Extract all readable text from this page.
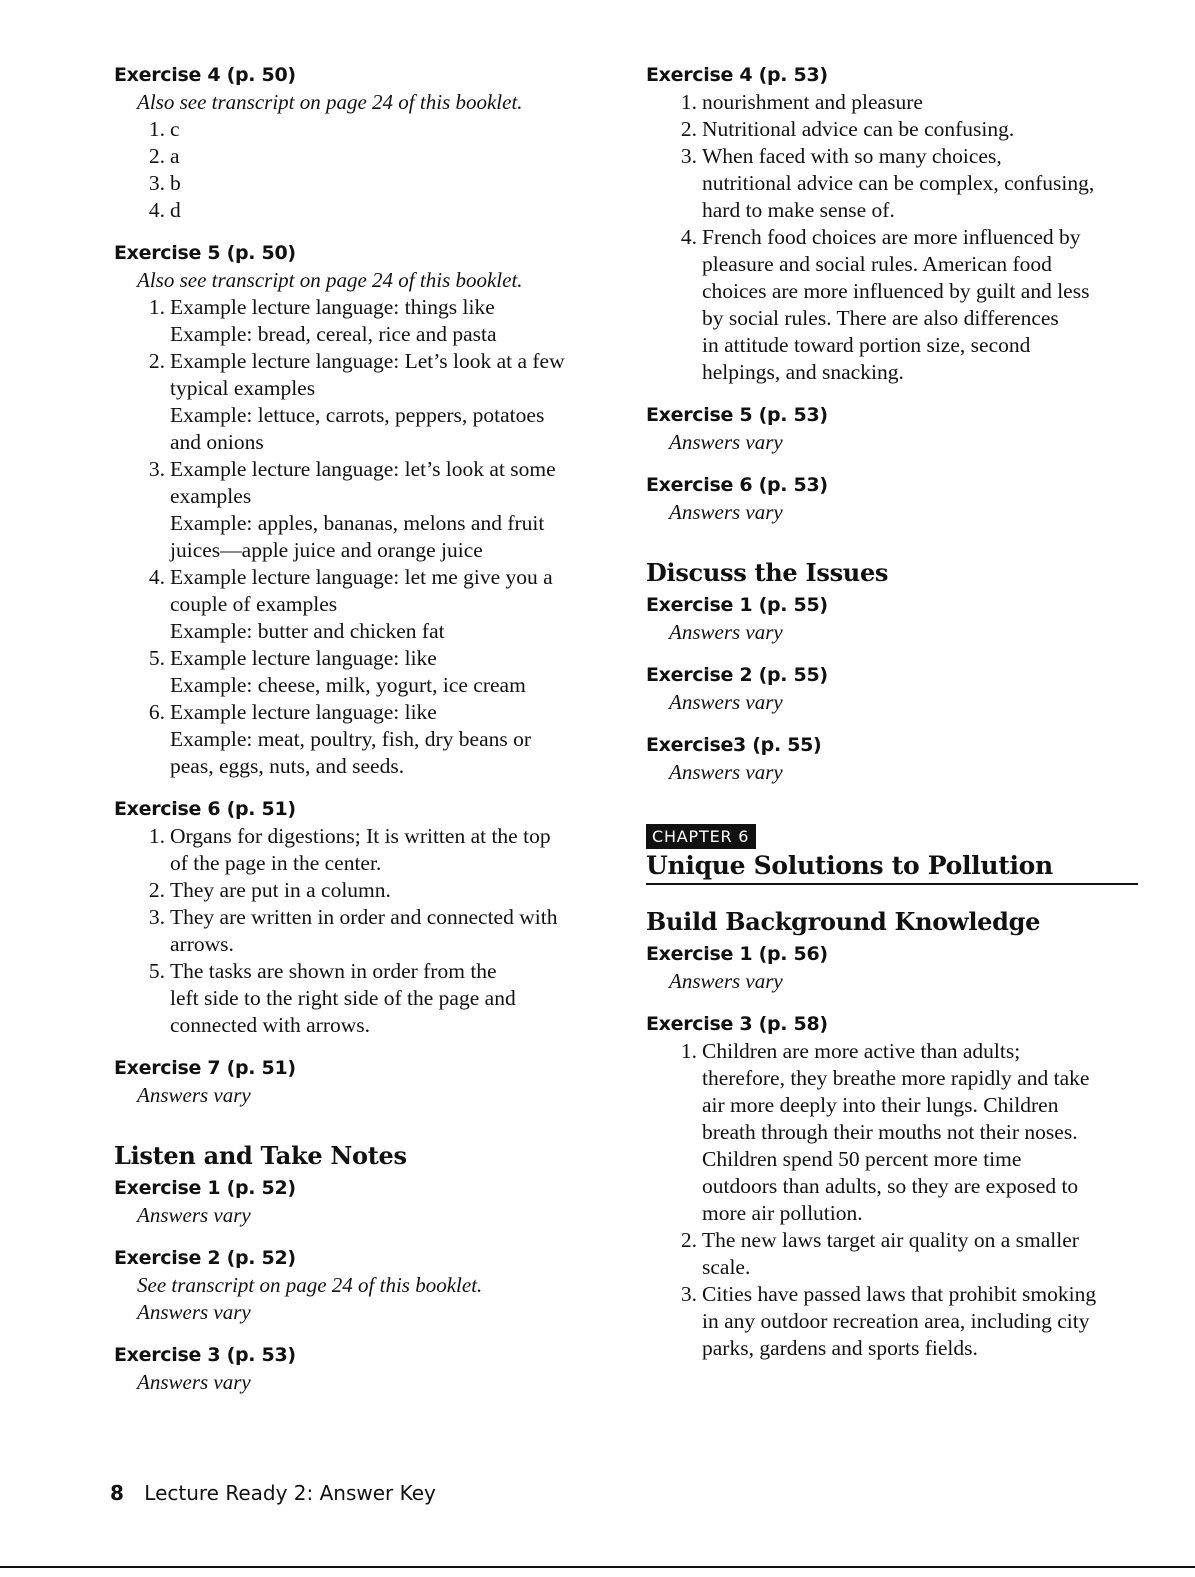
Exercise 4 (p. 50)
Also see transcript on page 24 of this booklet.
1. c
2. a
3. b
4. d
Exercise 5 (p. 50)
Also see transcript on page 24 of this booklet.
1. Example lecture language: things like
Example: bread, cereal, rice and pasta
2. Example lecture language: Let’s look at a few
typical examples
Example: lettuce, carrots, peppers, potatoes
and onions
3. Example lecture language: let’s look at some
examples
Example: apples, bananas, melons and fruit
juices—apple juice and orange juice
4. Example lecture language: let me give you a
couple of examples
Example: butter and chicken fat
5. Example lecture language: like
Example: cheese, milk, yogurt, ice cream
6. Example lecture language: like
Example: meat, poultry, fish, dry beans or
peas, eggs, nuts, and seeds.
Exercise 6 (p. 51)
1. Organs for digestions; It is written at the top
of the page in the center.
2. They are put in a column.
3. They are written in order and connected with
arrows.
5. The tasks are shown in order from the
left side to the right side of the page and
connected with arrows.
Exercise 7 (p. 51)
Answers vary
Listen and Take Notes
Exercise 1 (p. 52)
Answers vary
Exercise 2 (p. 52)
See transcript on page 24 of this booklet.
Answers vary
Exercise 3 (p. 53)
Answers vary
Exercise 4 (p. 53)
1. nourishment and pleasure
2. Nutritional advice can be confusing.
3. When faced with so many choices,
nutritional advice can be complex, confusing,
hard to make sense of.
4. French food choices are more influenced by
pleasure and social rules. American food
choices are more influenced by guilt and less
by social rules. There are also differences
in attitude toward portion size, second
helpings, and snacking.
Exercise 5 (p. 53)
Answers vary
Exercise 6 (p. 53)
Answers vary
Discuss the Issues
Exercise 1 (p. 55)
Answers vary
Exercise 2 (p. 55)
Answers vary
Exercise3 (p. 55)
Answers vary
CHAPTER 6
Unique Solutions to Pollution
Build Background Knowledge
Exercise 1 (p. 56)
Answers vary
Exercise 3 (p. 58)
1. Children are more active than adults;
therefore, they breathe more rapidly and take
air more deeply into their lungs. Children
breath through their mouths not their noses.
Children spend 50 percent more time
outdoors than adults, so they are exposed to
more air pollution.
2. The new laws target air quality on a smaller
scale.
3. Cities have passed laws that prohibit smoking
in any outdoor recreation area, including city
parks, gardens and sports fields.
8 Lecture Ready 2: Answer Key
